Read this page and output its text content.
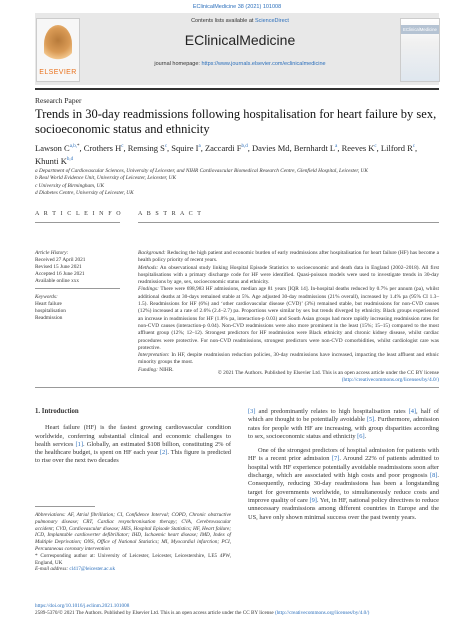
EClinicalMedicine 38 (2021) 101008
ELSEVIER
Contents lists available at ScienceDirect
EClinicalMedicine
journal homepage: https://www.journals.elsevier.com/eclinicalmedicine
EClinicalMedicine
Research Paper
Trends in 30-day readmissions following hospitalisation for heart failure by sex, socioeconomic status and ethnicity
Lawson $C^{a,b,*}$, Crothers $H^c$, Remsing $S^c$, Squire $I^a$, Zaccardi F$^{b,d}$, Davies Md, Bernhardt $L^a$, Reeves $K^c$, Lilford $R^c$, Khunti K$^{b,d}$
a Department of Cardiovascular Sciences, University of Leicester, and NIHR Cardiovascular Biomedical Research Centre, Glenfield Hospital, Leicester, UK
b Real World Evidence Unit, University of Leicester, Leicester, UK
c University of Birmingham, UK
d Diabetes Centre, University of Leicester, UK
A R T I C L E I N F O	A B S T R A C T
Article History:
Received 27 April 2021
Revised 15 June 2021
Accepted 16 June 2021
Available online xxx
Keywords:
Heart failure
hospitalisation
Readmission

Background: Reducing the high patient and economic burden of early readmissions after hospitalisation for heart failure (HF) has become a health policy priority of recent years.

Methods: An observational study linking Hospital Episode Statistics to socioeconomic and death data in England (2002–2018). All first hospitalisations with a primary discharge code for HF were identified. Quasi-poisson models were used to investigate trends in 30-day readmissions by age, sex, socioeconomic status and ethnicity.

Findings: There were 698,983 HF admissions, median age 81 years [IQR 14]. In-hospital deaths reduced by 0.7% per annum (pa), whilst additional deaths at 30-days remained stable at 5%. Age adjusted 30-day readmissions (21% overall), increased by 1.4% pa (95% CI 1.3–1.5). Readmissions for HF (6%) and ‘other cardiovascular disease (CVD)’ (3%) remained stable, but readmissions for non-CVD causes (12%) increased at a rate of 2.6% (2.4–2.7) pa. Proportions were similar by sex but trends diverged by ethnicity. Black groups experienced an increase in readmissions for HF (1.8% pa, interaction-p 0.03) and South Asian groups had more rapidly increasing readmission rates for non-CVD causes (interaction-p 0.04). Non-CVD readmissions were also more prominent in the least (15%; 15–15) compared to the most affluent group (12%; 12–12). Strongest predictors for HF readmission were Black ethnicity and chronic kidney disease, whilst cardiac procedures were protective. For non-CVD readmissions, strongest predictors were non-CVD comorbidities, whilst cardiologist care was protective.

Interpretation: In HF, despite readmission reduction policies, 30-day readmissions have increased, impacting the least affluent and ethnic minority groups the most.

Funding: NIHR.

© 2021 The Authors. Published by Elsevier Ltd. This is an open access article under the CC BY license (http://creativecommons.org/licenses/by/4.0/)
1. Introduction

Heart failure (HF) is the fastest growing cardiovascular condition worldwide, conferring substantial clinical and economic challenges to health services [1]. Globally, an estimated $108 billion, constituting 2% of the healthcare budget, is spent on HF each year [2]. This figure is predicted to rise over the next two decades

Abbreviations: AF, Atrial fibrillation; CI, Confidence Interval; COPD, Chronic obstructive pulmonary disease; CRT, Cardiac resynchronisation therapy; CVA, Cerebrovascular accident; CVD, Cardiovascular disease; HES, Hospital Episode Statistics; HF, Heart failure; ICD, Implantable cardioverter defibrillator; IHD, Ischaemic heart disease; IMD, Index of Multiple Deprivation; ONS, Office of National Statistics; MI, Myocardial infarction; PCI, Percutaneous coronary intervention
* Corresponding author at: University of Leicester, Leicester, Leicestershire, LE5 4PW, England, UK
E-mail address: cl417@leicester.ac.uk

[3] and predominantly relates to high hospitalisation rates [4], half of which are thought to be potentially avoidable [5]. Furthermore, admission rates for people with HF are increasing, with group disparities according to sex, socioeconomic status and ethnicity [6].

One of the strongest predictors of hospital admission for patients with HF is a recent prior admission [7]. Around 22% of patients admitted to hospital with HF experience potentially avoidable readmissions soon after discharge, which are associated with high costs and poor prognosis [8]. Consequently, reducing 30-day readmissions has been a longstanding target for governments worldwide, to simultaneously reduce costs and improve quality of care [9]. Yet, in HF, national policy directives to reduce unnecessary readmissions among different countries in Europe and the US, have only shown minimal success over the past twenty years.

https://doi.org/10.1016/j.eclinm.2021.101008
2589-5370/© 2021 The Authors. Published by Elsevier Ltd. This is an open access article under the CC BY license (http://creativecommons.org/licenses/by/4.0/)
